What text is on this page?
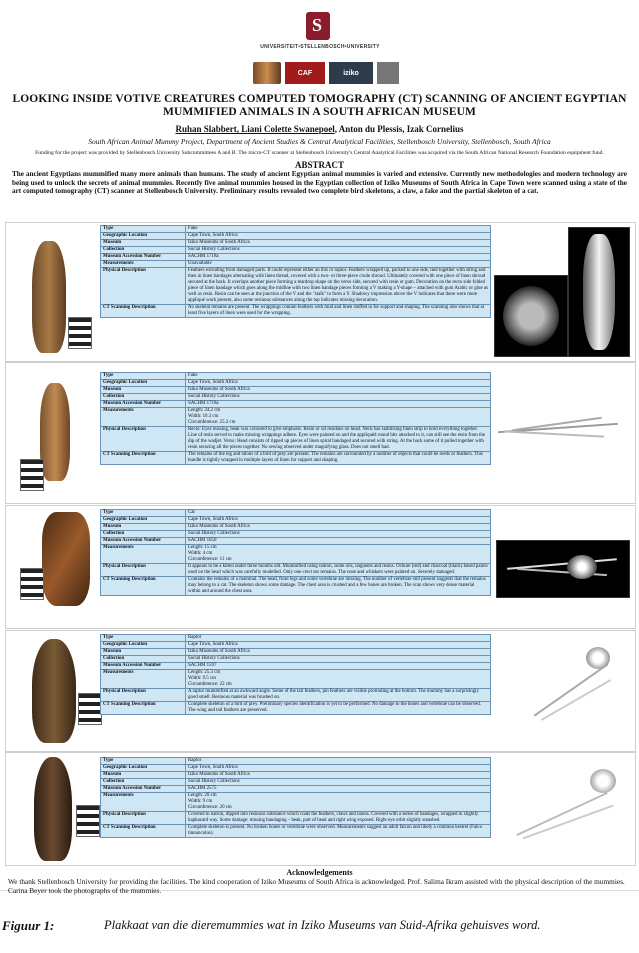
S
UNIVERSITEIT•STELLENBOSCH•UNIVERSITY
CAF	iziko
LOOKING INSIDE VOTIVE CREATURES COMPUTED TOMOGRAPHY (CT) SCANNING OF ANCIENT EGYPTIAN MUMMIFIED ANIMALS IN A SOUTH AFRICAN MUSEUM
Ruhan Slabbert, Liani Colette Swanepoel, Anton du Plessis, Izak Cornelius
South African Animal Mummy Project, Department of Ancient Studies & Central Analytical Facilities, Stellenbosch University, Stellenbosch, South Africa
Funding for the project was provided by Stellenbosch University Subcommittees A and B. The micro-CT scanner at Stellenbosch University's Central Analytical Facilities was acquired via the South African National Research Foundation equipment fund.
ABSTRACT
The ancient Egyptians mummified many more animals than humans. The study of ancient Egyptian animal mummies is varied and extensive. Currently new methodologies and modern technology are being used to unlock the secrets of animal mummies. Recently five animal mummies housed in the Egyptian collection of Iziko Museums of South Africa in Cape Town were scanned using a state of the art computed tomography (CT) scanner at Stellenbosch University. Preliminary results revealed two complete bird skeletons, a claw, a fake and the partial skeleton of a cat.
Type	Fake
Geographic Location	Cape Town, South Africa
Museum	Iziko Museums of South Africa
Collection	Social History Collections
Museum Accession Number	SACHM 1718a
Measurements	Unavailable

Physical Description	Feathers extruding from damaged parts. It could represent either an ibis or raptor. Feathers wrapped up, packed to one side, tied together with string and then in linen bandages alternating with linen thread, covered with a two- or three-piece crude shroud. Ultimately covered with one piece of linen shroud secured at the back. It overlaps another piece forming a teardrop shape on the verso side, secured with resin or gum. Decoration on the recto side folded piece of linen bandage which goes along the midline with two linen bandage pieces forming a V making a Y-shape – attached with gum Arabic or glue as well as resin. Resin can be seen at the junction of the V and the "stalk" to form a Y. Shadowy impression above the V indicates that there were more appliqué work present, also some resinous substances along the top indicates missing decoration.
CT Scanning Description	No skeletal remains are present. The wrappings contain feathers with mud and linen stuffed in for support and shaping. The scanning also shows that at least five layers of linen were used for the wrapping.
Type	Fake
Geographic Location	Cape Town, South Africa
Museum	Iziko Museums of South Africa
Collection	Social History Collections
Museum Accession Number	SACHM 1718a
Measurements	Length: 34.2 cm
Width: 10.3 cm
Circumference: 25.2 cm

Physical Description	Recto: Eyes missing, beak was coloured to give emphasis. Resin or oil residues on head. Neck has stabilising linen strip to hold everything together. Line of resin served to make missing wrappings adhere. Eyes were painted on and the appliquéd round bits attached to it, can still see the resin from the dip of the wadjet. Verso: Head consists of ripped up pieces of linen spiral bandaged and secured with string. At the back some of it pulled together with resin securing all the pieces together. No sewing observed under magnifying glass. Does not smell bad.
CT Scanning Description	The remains of the leg and talons of a bird of prey are present. The remains are surrounded by a number of objects that could be reeds or feathers. This bundle is tightly wrapped in multiple layers of linen for support and shaping.
Type	Cat
Geographic Location	Cape Town, South Africa
Museum	Iziko Museums of South Africa
Collection	Social History Collections
Museum Accession Number	SACHM 1650
Measurements	Length: 15 cm
Width: 4 cm
Circumference: 11 cm

Physical Description	It appears to be a kitten under three months old. Mummified using natron, some oils, unguents and resins. Ochure (red) and charcoal (black) based paints used on the head which was carefully modelled. Only one crect ear remains. The nose and whiskers were painted on. Severely damaged.
CT Scanning Description	Contains the remains of a mammal. The head, front legs and some vertebrae are missing. The number of vertebrae still present suggests that the remains may belong to a cat. The skeleton shows some damage. The chest area is crushed and a few bones are broken. The scan shows very dense material within and around the chest area.
Type	Raptor
Geographic Location	Cape Town, South Africa
Museum	Iziko Museums of South Africa
Collection	Social History Collections
Museum Accession Number	SACHM 1597
Measurements	Length: 25.3 cm
Width: 9.5 cm
Circumference: 22 cm

Physical Description	A raptor mummified at an awkward angle. Some of the tail feathers, pin feathers are visible protruding at the bottom. The mummy has a surprisingly good smell. Resinous material was brushed on.
CT Scanning Description	Complete skeleton of a bird of prey. Preliminary species identification is yet to be performed. No damage to the bones and vertebrae can be observed. The wing and tail feathers are preserved.
Type	Raptor
Geographic Location	Cape Town, South Africa
Museum	Iziko Museums of South Africa
Collection	Social History Collections
Museum Accession Number	SACHM 2575
Measurements	Length: 20 cm
Width: 9 cm
Circumference: 20 cm

Physical Description	Covered in natron, dipped into resinous substance which coats the feathers, claws and talons. Covered with a series of bandages, wrapped in slightly haphazard way. Some damage: missing bandaging – beak, part of head and right wing exposed. Right eye orbit slightly smashed.
CT Scanning Description	Complete skeleton is present. No broken bones or vertebrae were observed. Measurements suggest an adult falcon and likely a common kestrel (Falco tinnunculus).
Acknowledgements
We thank Stellenbosch University for providing the facilities. The kind cooperation of Iziko Museums of South Africa is acknowledged. Prof. Salima Ikram assisted with the physical description of the mummies. Carina Beyer took the photographs of the mummies.
Figuur 1:	Plakkaat van die dieremummies wat in Iziko Museums van Suid-Afrika gehuisves word.
